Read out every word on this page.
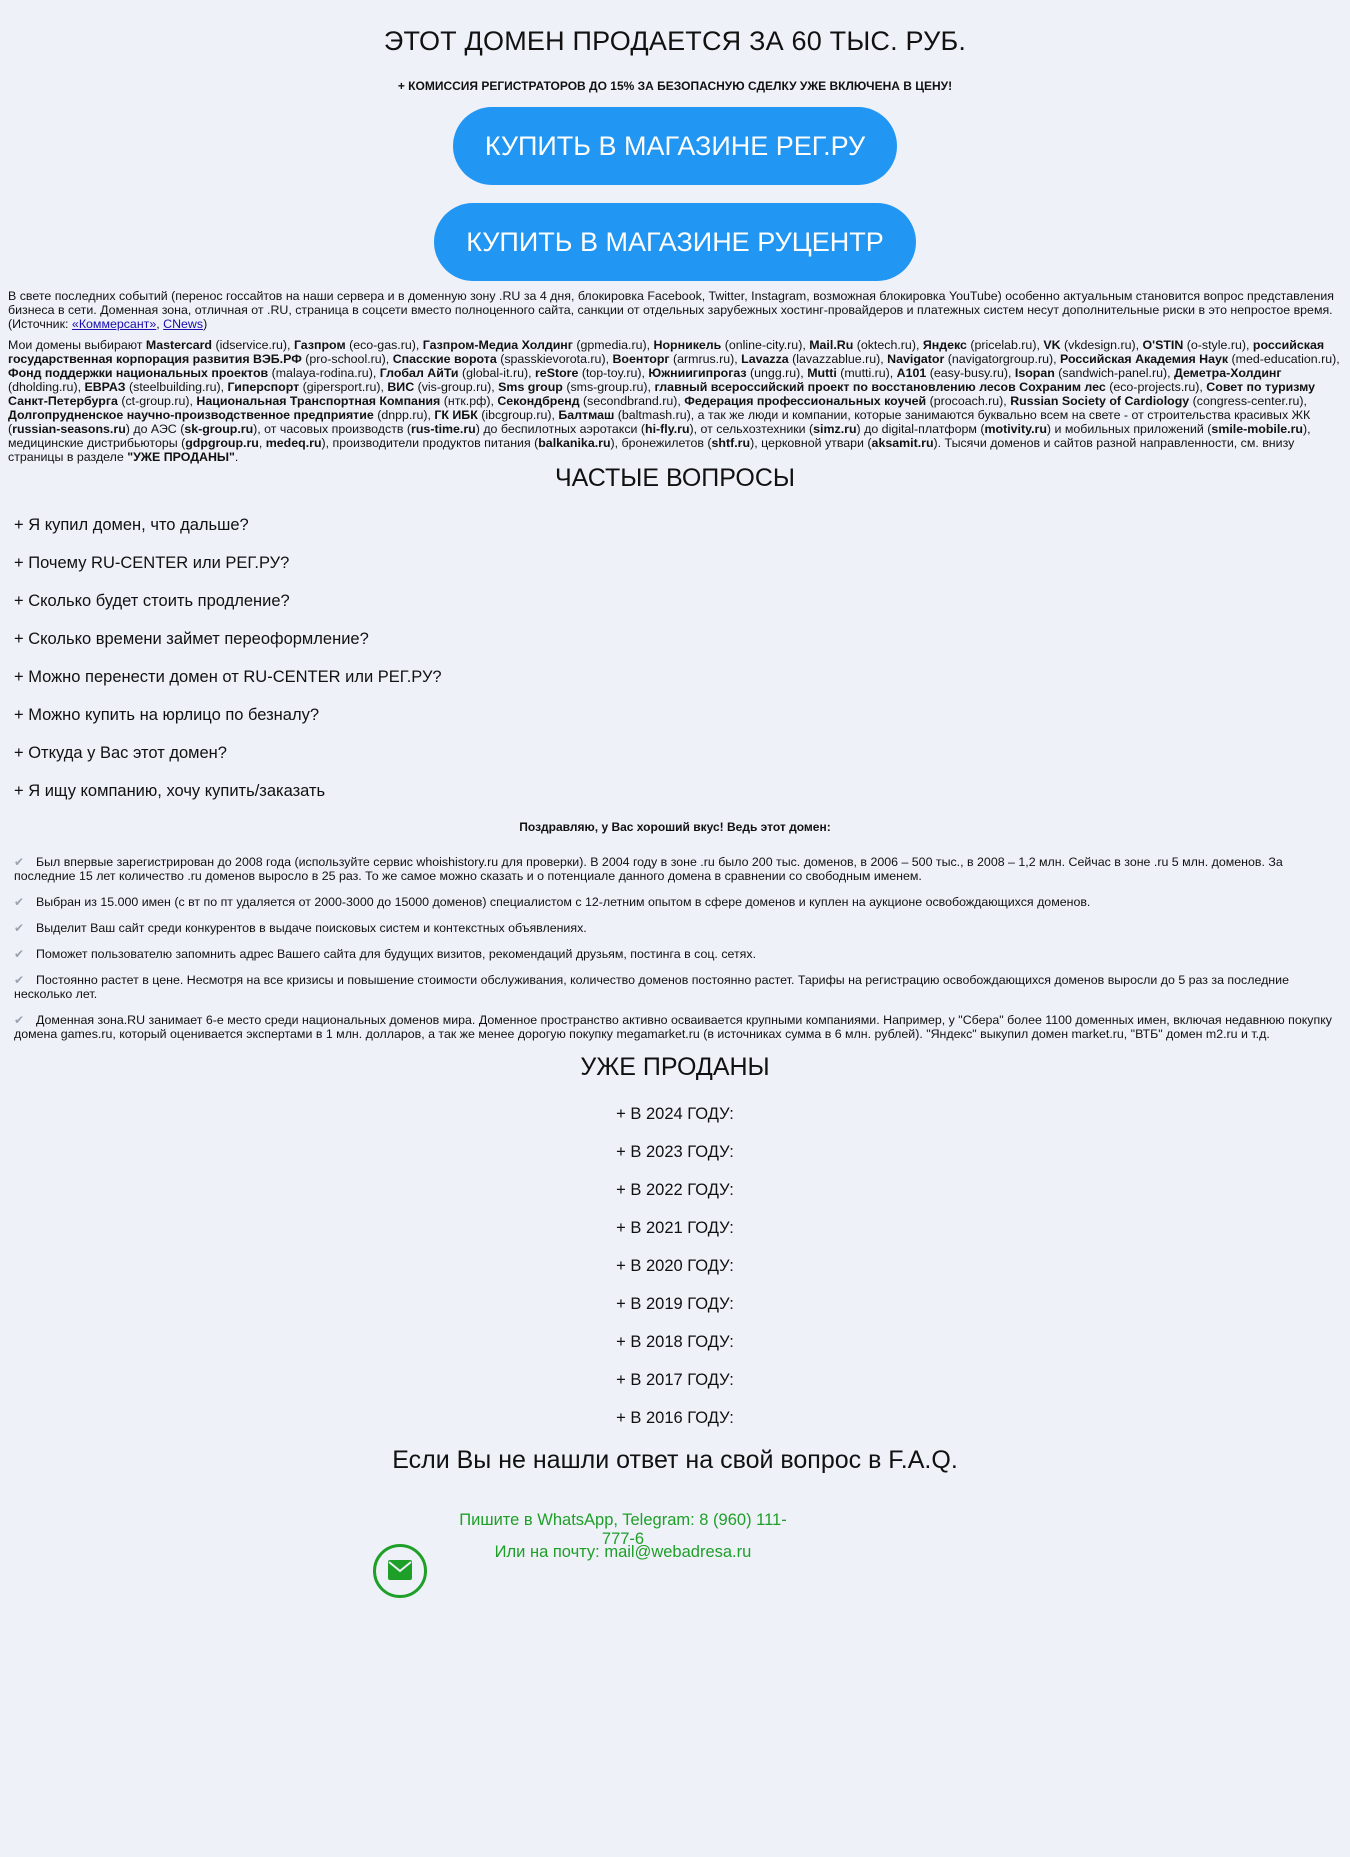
ЭТОТ ДОМЕН ПРОДАЕТСЯ ЗА 60 ТЫС. РУБ.
+ КОМИССИЯ РЕГИСТРАТОРОВ ДО 15% ЗА БЕЗОПАСНУЮ СДЕЛКУ УЖЕ ВКЛЮЧЕНА В ЦЕНУ!
КУПИТЬ В МАГАЗИНЕ РЕГ.РУ
КУПИТЬ В МАГАЗИНЕ РУЦЕНТР

В свете последних событий (перенос госсайтов на наши сервера и в доменную зону .RU за 4 дня, блокировка Facebook, Twitter, Instagram, возможная блокировка YouTube) особенно актуальным становится вопрос представления бизнеса в сети. Доменная зона, отличная от .RU, страница в соцсети вместо полноценного сайта, санкции от отдельных зарубежных хостинг-провайдеров и платежных систем несут дополнительные риски в это непростое время. (Источник: «Коммерсант», CNews)

Мои домены выбирают Mastercard (idservice.ru), Газпром (eco-gas.ru), Газпром-Медиа Холдинг (gpmedia.ru), Норникель (online-city.ru), Mail.Ru (oktech.ru), Яндекс (pricelab.ru), VK (vkdesign.ru), O'STIN (o-style.ru), российская государственная корпорация развития ВЭБ.РФ (pro-school.ru), Спасские ворота (spasskievorota.ru), Военторг (armrus.ru), Lavazza (lavazzablue.ru), Navigator (navigatorgroup.ru), Российская Академия Наук (med-education.ru), Фонд поддержки национальных проектов (malaya-rodina.ru), Глобал АйТи (global-it.ru), reStore (top-toy.ru), Южниигипрогаз (ungg.ru), Mutti (mutti.ru), A101 (easy-busy.ru), Isopan (sandwich-panel.ru), Деметра-Холдинг (dholding.ru), ЕВРАЗ (steelbuilding.ru), Гиперспорт (gipersport.ru), ВИС (vis-group.ru), Sms group (sms-group.ru), главный всероссийский проект по восстановлению лесов Сохраним лес (eco-projects.ru), Совет по туризму Санкт-Петербурга (ct-group.ru), Национальная Транспортная Компания (нтк.рф), Секондбренд (secondbrand.ru), Федерация профессиональных коучей (procoach.ru), Russian Society of Cardiology (congress-center.ru), Долгопрудненское научно-производственное предприятие (dnpp.ru), ГК ИБК (ibcgroup.ru), Балтмаш (baltmash.ru), а так же люди и компании, которые занимаются буквально всем на свете - от строительства красивых ЖК (russian-seasons.ru) до АЭС (sk-group.ru), от часовых производств (rus-time.ru) до беспилотных аэротакси (hi-fly.ru), от сельхозтехники (simz.ru) до digital-платформ (motivity.ru) и мобильных приложений (smile-mobile.ru), медицинские дистрибьюторы (gdpgroup.ru, medeq.ru), производители продуктов питания (balkanika.ru), бронежилетов (shtf.ru), церковной утвари (aksamit.ru). Тысячи доменов и сайтов разной направленности, см. внизу страницы в разделе "УЖЕ ПРОДАНЫ".

ЧАСТЫЕ ВОПРОСЫ
+ Я купил домен, что дальше?
+ Почему RU-CENTER или РЕГ.РУ?
+ Сколько будет стоить продление?
+ Сколько времени займет переоформление?
+ Можно перенести домен от RU-CENTER или РЕГ.РУ?
+ Можно купить на юрлицо по безналу?
+ Откуда у Вас этот домен?
+ Я ищу компанию, хочу купить/заказать
Поздравляю, у Вас хороший вкус! Ведь этот домен:
✔ Был впервые зарегистрирован до 2008 года (используйте сервис whoishistory.ru для проверки). В 2004 году в зоне .ru было 200 тыс. доменов, в 2006 – 500 тыс., в 2008 – 1,2 млн. Сейчас в зоне .ru 5 млн. доменов. За последние 15 лет количество .ru доменов выросло в 25 раз. То же самое можно сказать и о потенциале данного домена в сравнении со свободным именем.
✔ Выбран из 15.000 имен (с вт по пт удаляется от 2000-3000 до 15000 доменов) специалистом с 12-летним опытом в сфере доменов и куплен на аукционе освобождающихся доменов.
✔ Выделит Ваш сайт среди конкурентов в выдаче поисковых систем и контекстных объявлениях.
✔ Поможет пользователю запомнить адрес Вашего сайта для будущих визитов, рекомендаций друзьям, постинга в соц. сетях.
✔ Постоянно растет в цене. Несмотря на все кризисы и повышение стоимости обслуживания, количество доменов постоянно растет. Тарифы на регистрацию освобождающихся доменов выросли до 5 раз за последние несколько лет.
✔ Доменная зона.RU занимает 6-е место среди национальных доменов мира. Доменное пространство активно осваивается крупными компаниями. Например, у "Сбера" более 1100 доменных имен, включая недавнюю покупку домена games.ru, который оценивается экспертами в 1 млн. долларов, а так же менее дорогую покупку megamarket.ru (в источниках сумма в 6 млн. рублей). "Яндекс" выкупил домен market.ru, "ВТБ" домен m2.ru и т.д.
УЖЕ ПРОДАНЫ
+ В 2024 ГОДУ:
+ В 2023 ГОДУ:
+ В 2022 ГОДУ:
+ В 2021 ГОДУ:
+ В 2020 ГОДУ:
+ В 2019 ГОДУ:
+ В 2018 ГОДУ:
+ В 2017 ГОДУ:
+ В 2016 ГОДУ:
Если Вы не нашли ответ на свой вопрос в F.A.Q.
Пишите в WhatsApp, Telegram: 8 (960) 111-777-6
Или на почту: mail@webadresa.ru
